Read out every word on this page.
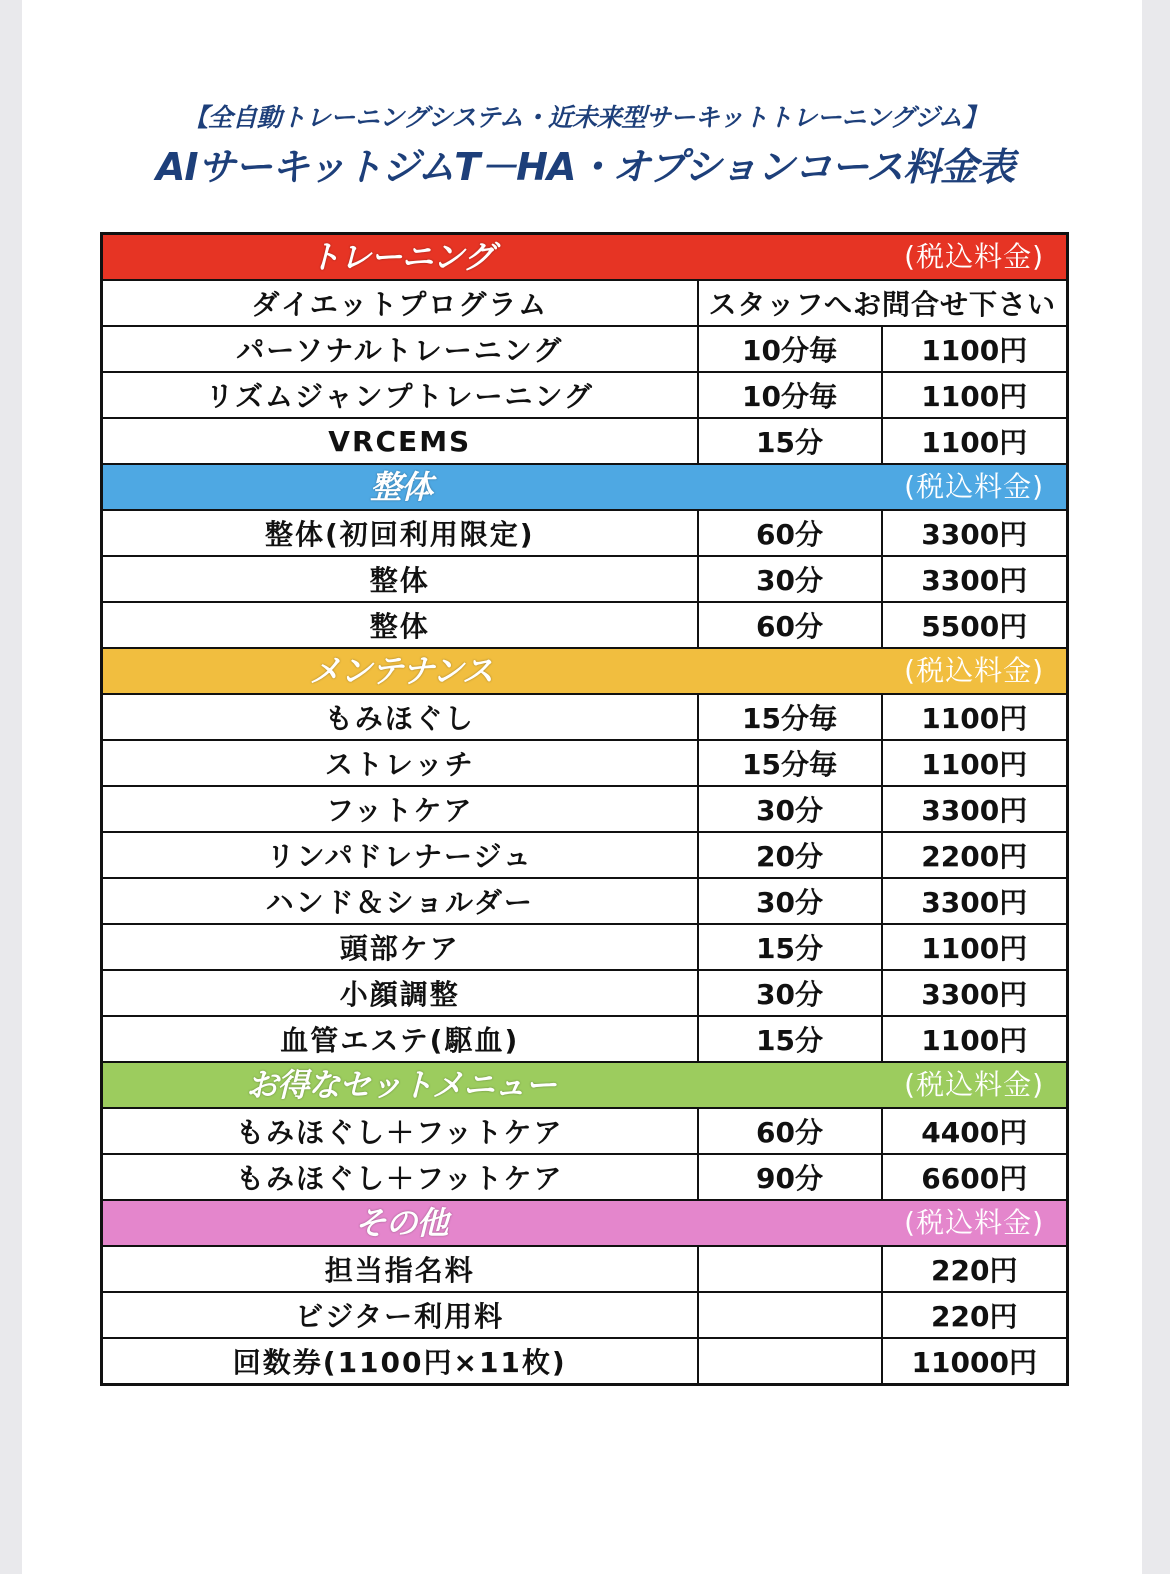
【全自動トレーニングシステム・近未来型サーキットトレーニングジム】
AIサーキットジムT－HA・オプションコース料金表
トレーニング (税込料金)		

ダイエットプログラム	スタッフへお問合せ下さい	
パーソナルトレーニング	10分毎	1100円
リズムジャンプトレーニング	10分毎	1100円
VRCEMS	15分	1100円

整体 (税込料金)		

整体(初回利用限定)	60分	3300円
整体	30分	3300円
整体	60分	5500円

メンテナンス (税込料金)		

もみほぐし	15分毎	1100円
ストレッチ	15分毎	1100円
フットケア	30分	3300円
リンパドレナージュ	20分	2200円
ハンド＆ショルダー	30分	3300円
頭部ケア	15分	1100円
小顔調整	30分	3300円
血管エステ(駆血)	15分	1100円

お得なセットメニュー (税込料金)		

もみほぐし＋フットケア	60分	4400円
もみほぐし＋フットケア	90分	6600円

その他 (税込料金)		

担当指名料		220円
ビジター利用料		220円
回数券(1100円×11枚)		11000円
